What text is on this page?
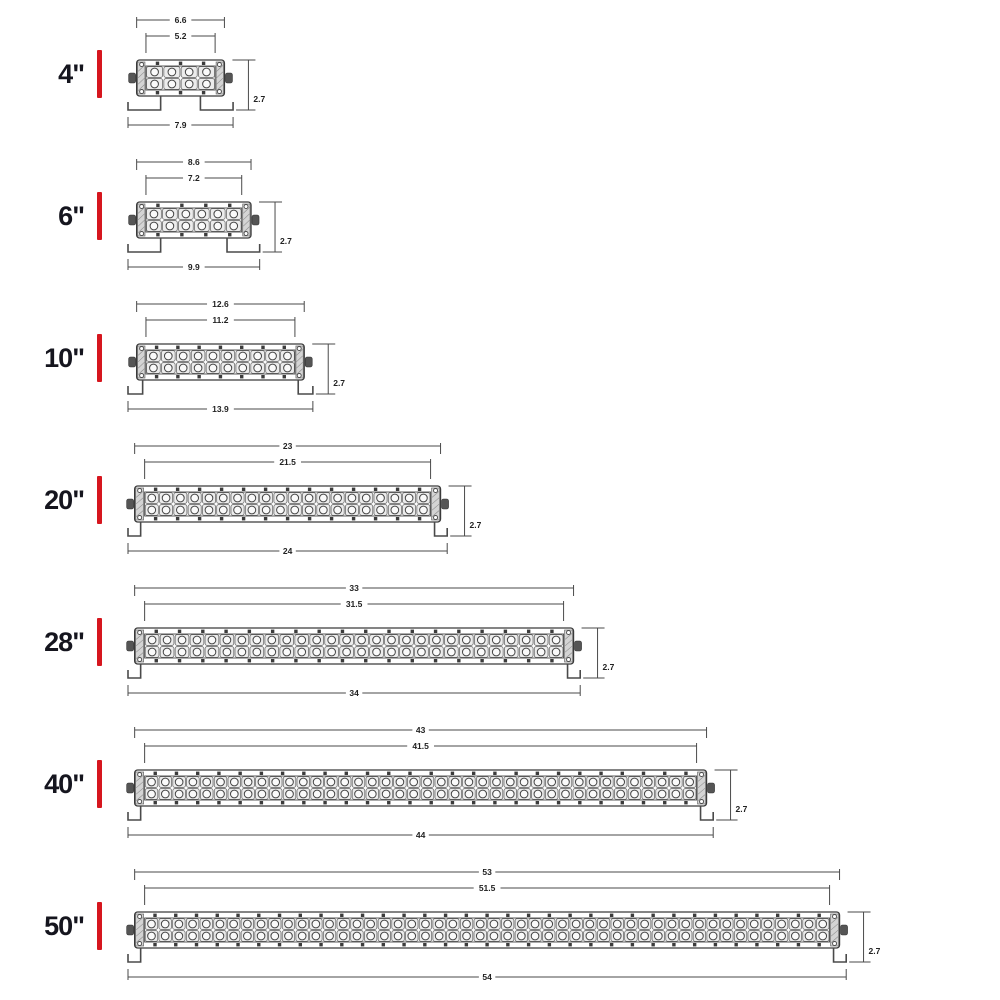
4"
6.6
5.2
2.7
7.9
6"
8.6
7.2
2.7
9.9
10"
12.6
11.2
2.7
13.9
20"
23
21.5
2.7
24
28"
33
31.5
2.7
34
40"
43
41.5
2.7
44
50"
53
51.5
2.7
54
